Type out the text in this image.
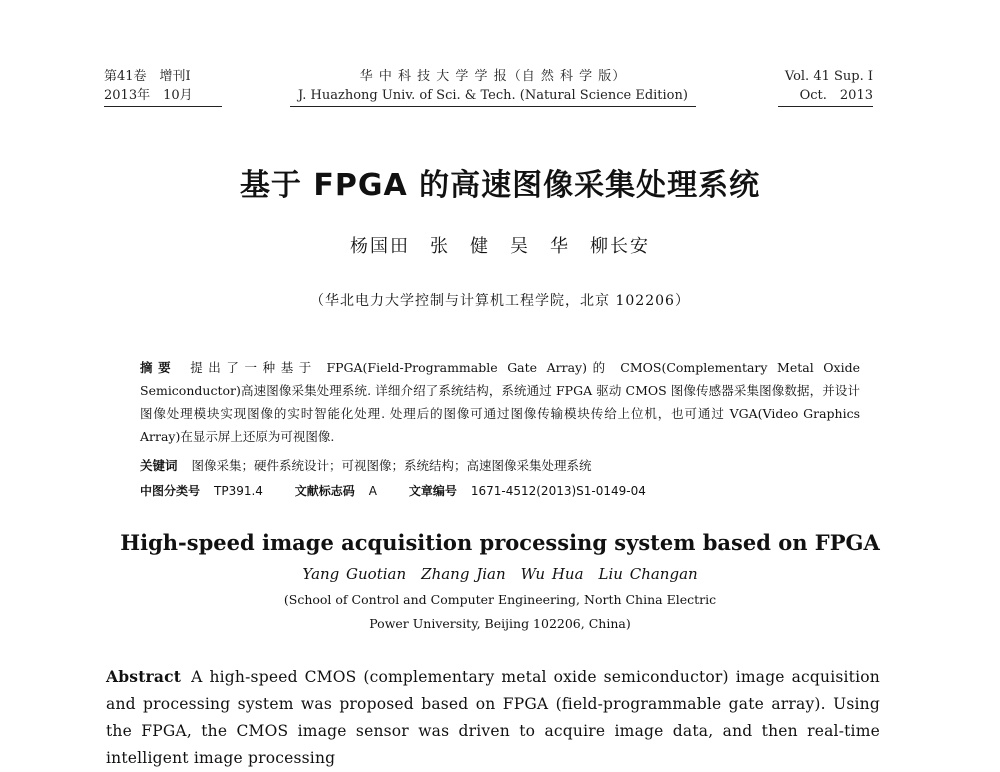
第41卷　增刊Ⅰ
2013年　10月
华 中 科 技 大 学 学 报（自 然 科 学 版）
J. Huazhong Univ. of Sci. & Tech. (Natural Science Edition)
Vol. 41 Sup. Ⅰ
Oct.　2013
基于 FPGA 的高速图像采集处理系统
杨国田　张　健　吴　华　柳长安
（华北电力大学控制与计算机工程学院，北京 102206）
摘要 提出了一种基于 FPGA(Field-Programmable Gate Array)的 CMOS(Complementary Metal Oxide Semiconductor)高速图像采集处理系统. 详细介绍了系统结构，系统通过 FPGA 驱动 CMOS 图像传感器采集图像数据，并设计图像处理模块实现图像的实时智能化处理. 处理后的图像可通过图像传输模块传给上位机，也可通过 VGA(Video Graphics Array)在显示屏上还原为可视图像.
关键词 图像采集；硬件系统设计；可视图像；系统结构；高速图像采集处理系统
中图分类号 TP391.4	文献标志码 A	文章编号 1671-4512(2013)S1-0149-04
High-speed image acquisition processing system based on FPGA
Yang Guotian　Zhang Jian　Wu Hua　Liu Changan
(School of Control and Computer Engineering, North China Electric
Power University, Beijing 102206, China)
Abstract A high-speed CMOS (complementary metal oxide semiconductor) image acquisition and processing system was proposed based on FPGA (field-programmable gate array). Using the FPGA, the CMOS image sensor was driven to acquire image data, and then real-time intelligent image processing
